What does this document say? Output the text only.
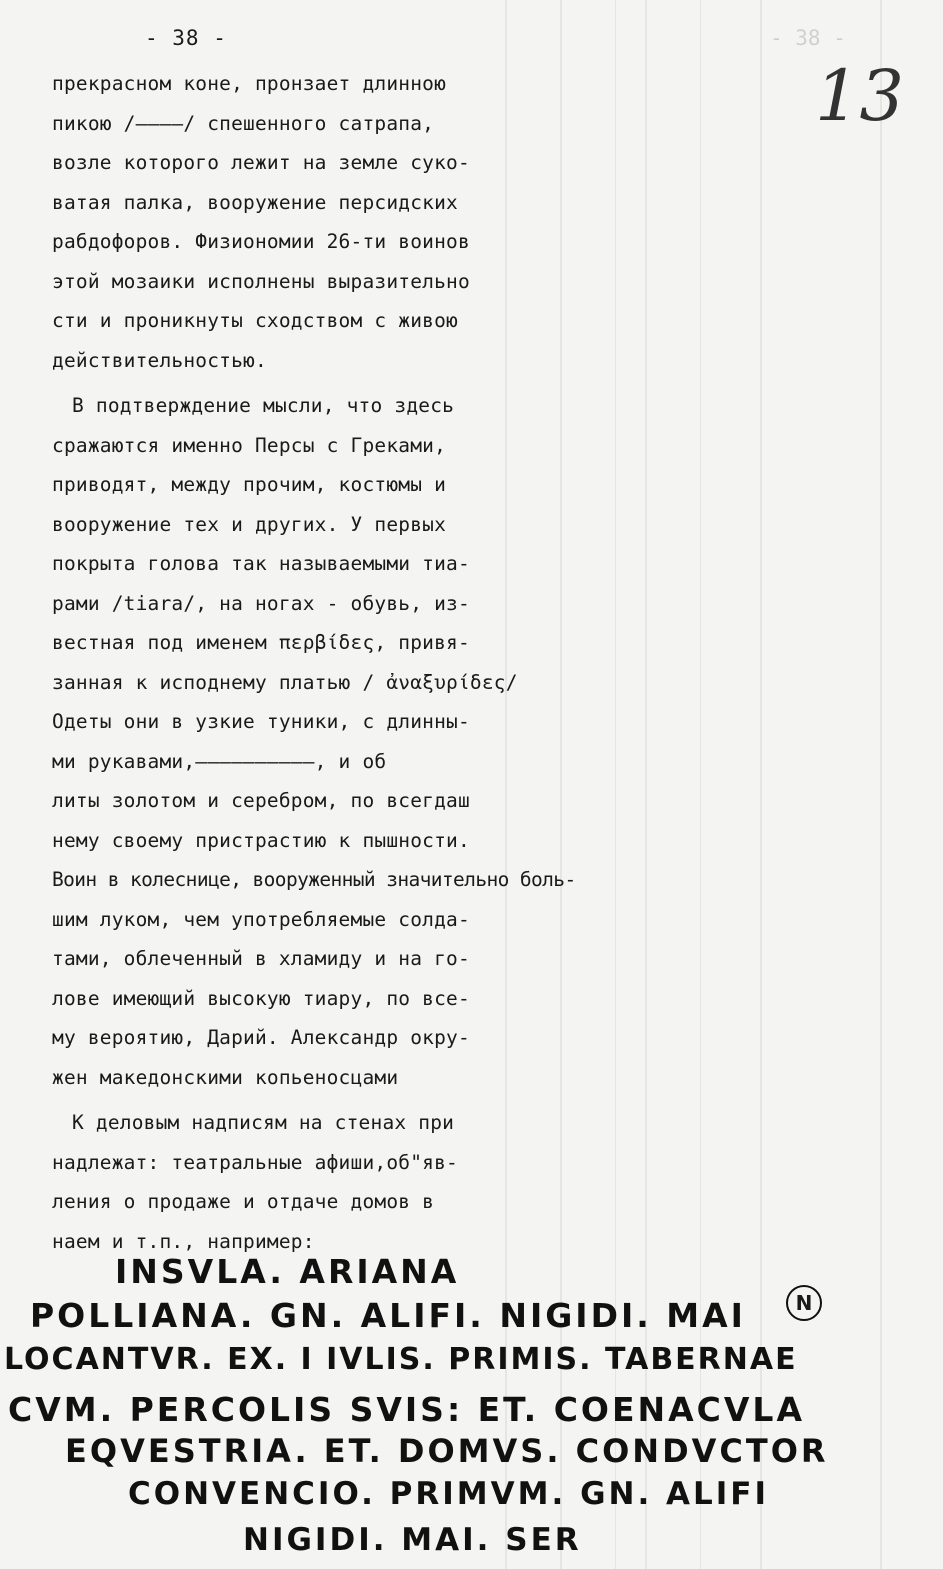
- 38 -	- 38 -
13
прекрасном коне, пронзает длинною
пикою /————/ спешенного сатрапа,
возле которого лежит на земле суко-
ватая палка, вооружение персидских
рабдофоров. Физиономии 26-ти воинов
этой мозаики исполнены выразительно
сти и проникнуты сходством с живою
действительностью.
В подтверждение мысли, что здесь
сражаются именно Персы с Греками,
приводят, между прочим, костюмы и
вооружение тех и других. У первых
покрыта голова так называемыми тиа-
рами /tiara/, на ногах - обувь, из-
вестная под именем περβίδες, привя-
занная к исподнему платью / ἀναξυρίδες/
Одеты они в узкие туники, с длинны-
ми рукавами,——————————, и об
литы золотом и серебром, по всегдаш
нему своему пристрастию к пышности.
Воин в колеснице, вооруженный значительно боль-
шим луком, чем употребляемые солда-
тами, облеченный в хламиду и на го-
лове имеющий высокую тиару, по все-
му вероятию, Дарий. Александр окру-
жен македонскими копьеносцами
К деловым надписям на стенах при
надлежат: театральные афиши,об"яв-
ления о продаже и отдаче домов в
наем и т.п., например:
INSVLA. ARIANA
POLLIANA. GN. ALIFI. NIGIDI. MAI
LOCANTVR. EX. I IVLIS. PRIMIS. TABERNAE
CVM. PERCOLIS SVIS: ET. COENACVLA
EQVESTRIA. ET. DOMVS. CONDVCTOR
CONVENCIO. PRIMVM. GN. ALIFI
NIGIDI. MAI. SER
N
